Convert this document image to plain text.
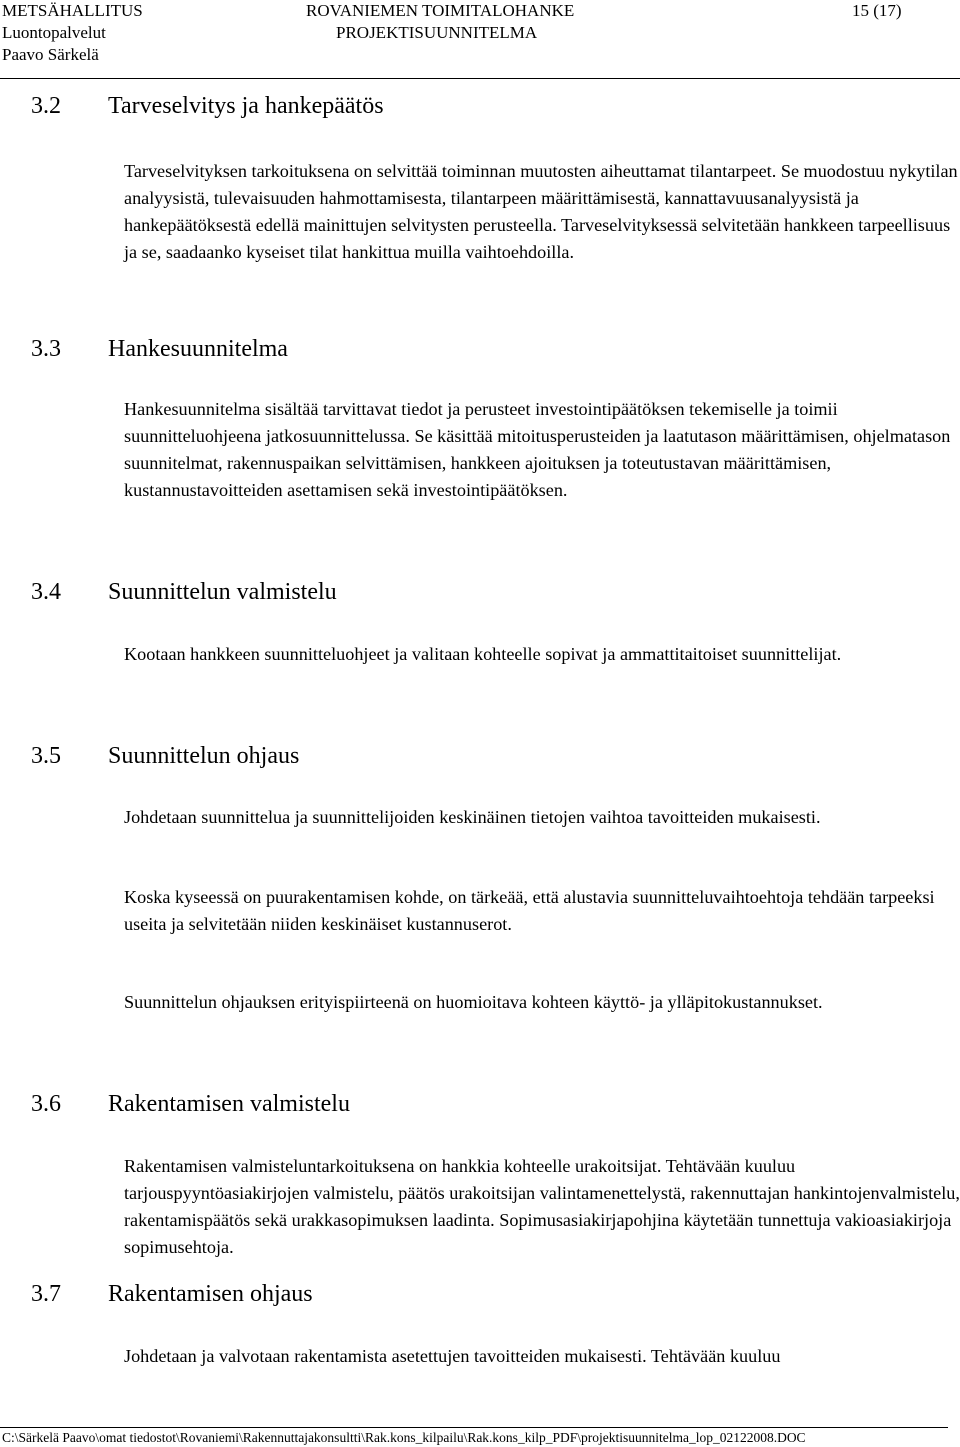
METSÄHALLITUS
Luontopalvelut
Paavo Särkelä
ROVANIEMEN TOIMITALOHANKE
PROJEKTISUUNNITELMA
15 (17)
3.2 Tarveselvitys ja hankepäätös

Tarveselvityksen tarkoituksena on selvittää toiminnan muutosten aiheuttamat tilantarpeet. Se muodostuu nykytilan analyysistä, tulevaisuuden hahmottamisesta, tilantarpeen määrittämisestä, kannattavuusanalyysistä ja hankepäätöksestä edellä mainittujen selvitysten perusteella. Tarveselvityksessä selvitetään hankkeen tarpeellisuus ja se, saadaanko kyseiset tilat hankittua muilla vaihtoehdoilla.

3.3 Hankesuunnitelma

Hankesuunnitelma sisältää tarvittavat tiedot ja perusteet investointipäätöksen tekemiselle ja toimii suunnitteluohjeena jatkosuunnittelussa. Se käsittää mitoitusperusteiden ja laatutason määrittämisen, ohjelmatason suunnitelmat, rakennuspaikan selvittämisen, hankkeen ajoituksen ja toteutustavan määrittämisen, kustannustavoitteiden asettamisen sekä investointipäätöksen.

3.4 Suunnittelun valmistelu

Kootaan hankkeen suunnitteluohjeet ja valitaan kohteelle sopivat ja ammattitaitoiset suunnittelijat.

3.5 Suunnittelun ohjaus

Johdetaan suunnittelua ja suunnittelijoiden keskinäinen tietojen vaihtoa tavoitteiden mukaisesti.

Koska kyseessä on puurakentamisen kohde, on tärkeää, että alustavia suunnitteluvaihtoehtoja tehdään tarpeeksi useita ja selvitetään niiden keskinäiset kustannuserot.

Suunnittelun ohjauksen erityispiirteenä on huomioitava kohteen käyttö- ja ylläpitokustannukset.

3.6 Rakentamisen valmistelu

Rakentamisen valmisteluntarkoituksena on hankkia kohteelle urakoitsijat. Tehtävään kuuluu tarjouspyyntöasiakirjojen valmistelu, päätös urakoitsijan valintamenettelystä, rakennuttajan hankintojenvalmistelu, rakentamispäätös sekä urakkasopimuksen laadinta. Sopimusasiakirjapohjina käytetään tunnettuja vakioasiakirjoja sopimusehtoja.

3.7 Rakentamisen ohjaus

Johdetaan ja valvotaan rakentamista asetettujen tavoitteiden mukaisesti. Tehtävään kuuluu

C:\Särkelä Paavo\omat tiedostot\Rovaniemi\Rakennuttajakonsultti\Rak.kons_kilpailu\Rak.kons_kilp_PDF\projektisuunnitelma_lop_02122008.DOC
